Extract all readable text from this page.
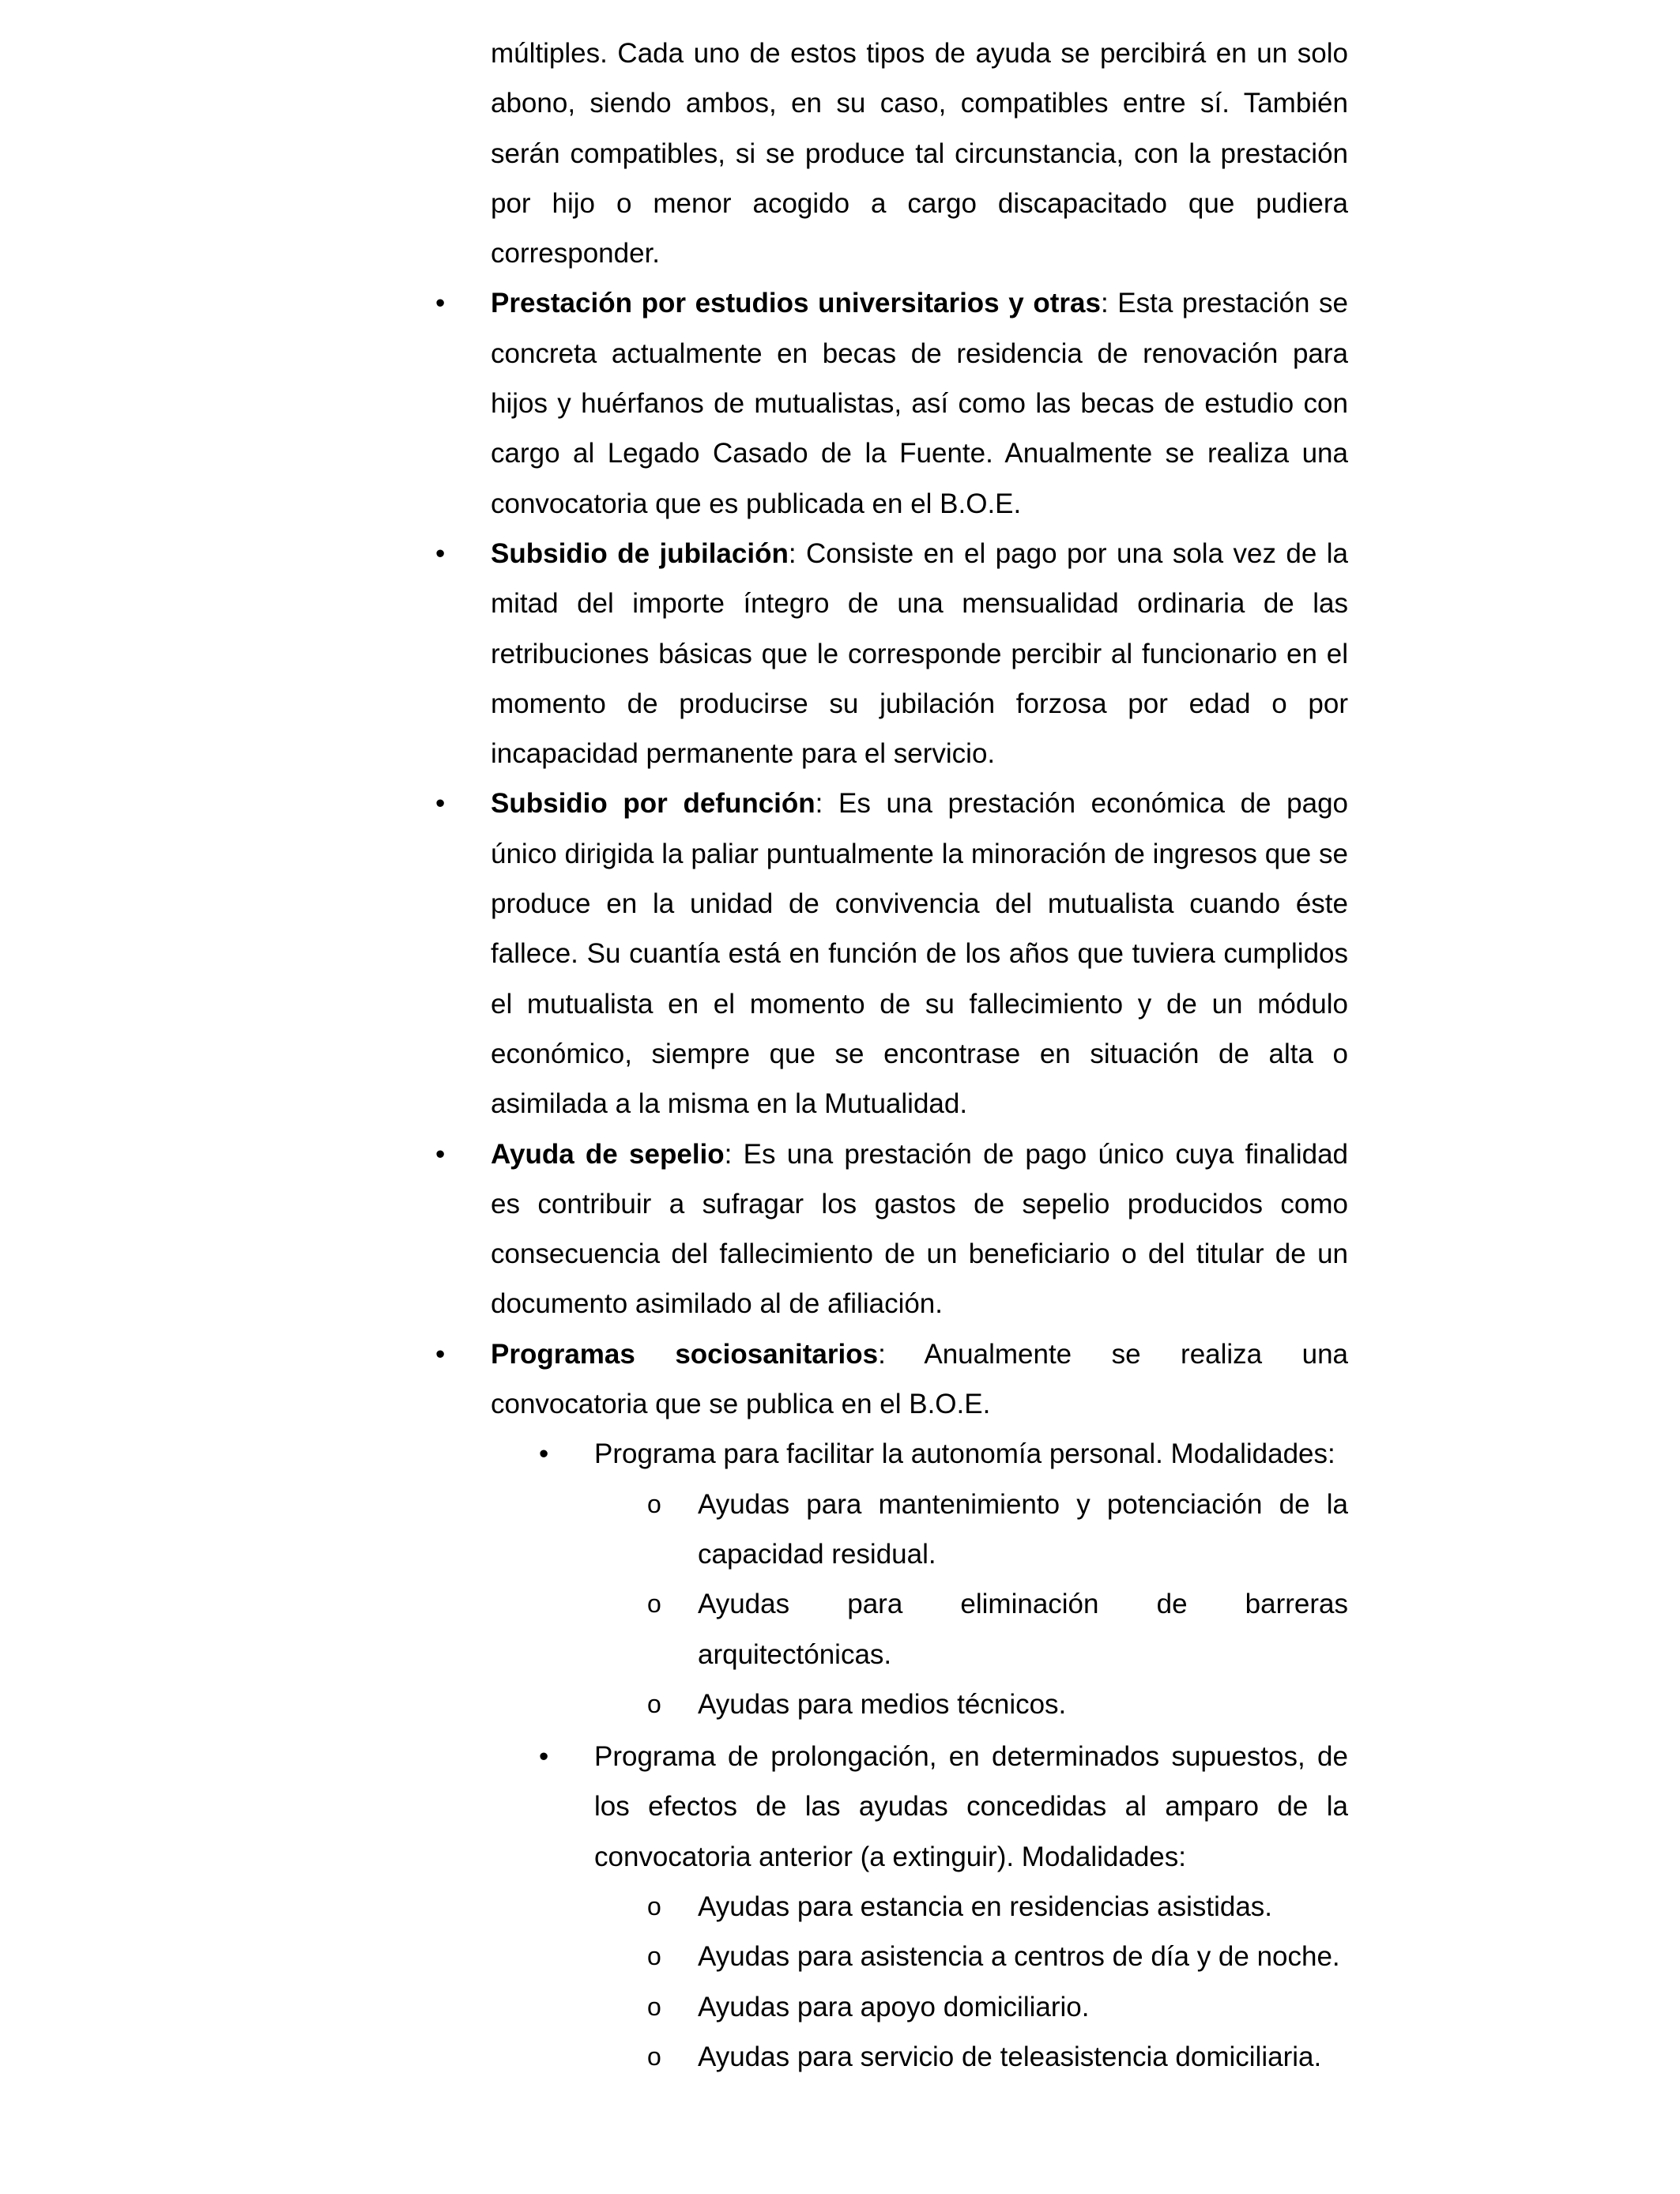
múltiples. Cada uno de estos tipos de ayuda se percibirá en un solo abono, siendo ambos, en su caso, compatibles entre sí. También serán compatibles, si se produce tal circunstancia, con la prestación por hijo o menor acogido a cargo discapacitado que pudiera corresponder.

• Prestación por estudios universitarios y otras: Esta prestación se concreta actualmente en becas de residencia de renovación para hijos y huérfanos de mutualistas, así como las becas de estudio con cargo al Legado Casado de la Fuente. Anualmente se realiza una convocatoria que es publicada en el B.O.E.
• Subsidio de jubilación: Consiste en el pago por una sola vez de la mitad del importe íntegro de una mensualidad ordinaria de las retribuciones básicas que le corresponde percibir al funcionario en el momento de producirse su jubilación forzosa por edad o por incapacidad permanente para el servicio.
• Subsidio por defunción: Es una prestación económica de pago único dirigida la paliar puntualmente la minoración de ingresos que se produce en la unidad de convivencia del mutualista cuando éste fallece. Su cuantía está en función de los años que tuviera cumplidos el mutualista en el momento de su fallecimiento y de un módulo económico, siempre que se encontrase en situación de alta o asimilada a la misma en la Mutualidad.
• Ayuda de sepelio: Es una prestación de pago único cuya finalidad es contribuir a sufragar los gastos de sepelio producidos como consecuencia del fallecimiento de un beneficiario o del titular de un documento asimilado al de afiliación.
• Programas sociosanitarios: Anualmente se realiza una convocatoria que se publica en el B.O.E.
• Programa para facilitar la autonomía personal. Modalidades:
o Ayudas para mantenimiento y potenciación de la capacidad residual.
o Ayudas para eliminación de barreras arquitectónicas.
o Ayudas para medios técnicos.
• Programa de prolongación, en determinados supuestos, de los efectos de las ayudas concedidas al amparo de la convocatoria anterior (a extinguir). Modalidades:
o Ayudas para estancia en residencias asistidas.
o Ayudas para asistencia a centros de día y de noche.
o Ayudas para apoyo domiciliario.
o Ayudas para servicio de teleasistencia domiciliaria.
